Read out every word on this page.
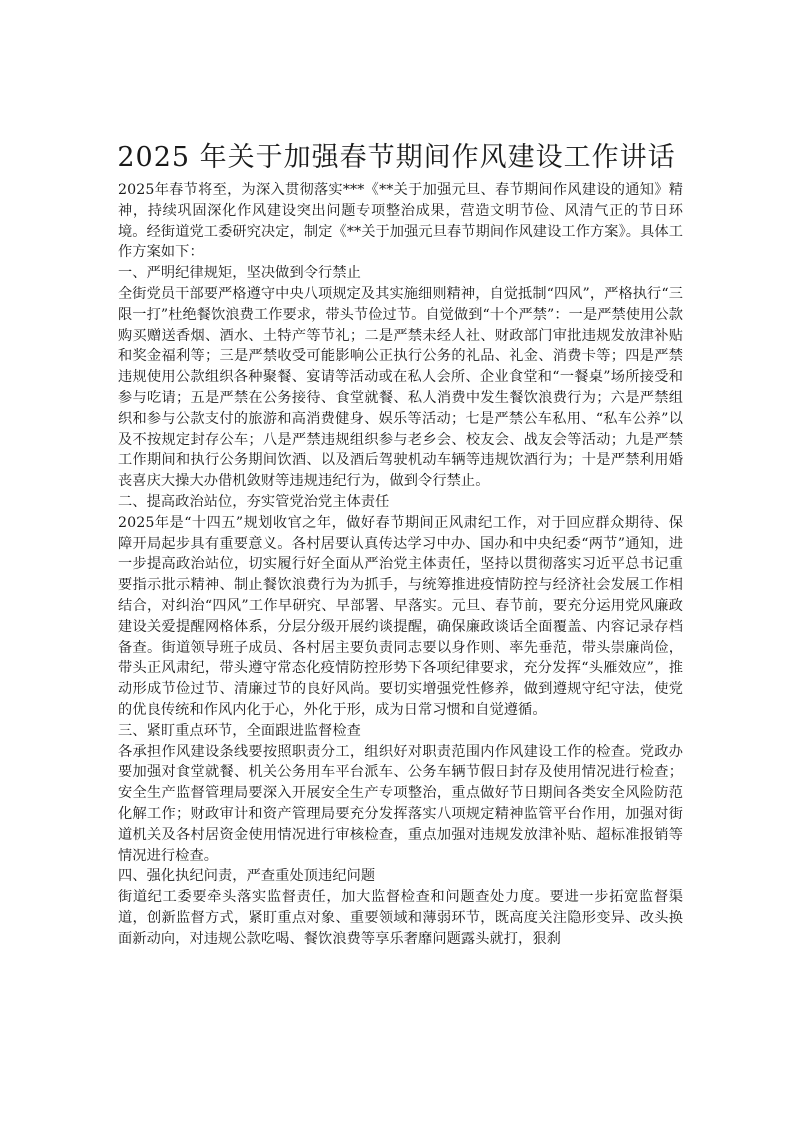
2025 年关于加强春节期间作风建设工作讲话

2025年春节将至，为深入贯彻落实***《**关于加强元旦、春节期间作风建设的通知》精神，持续巩固深化作风建设突出问题专项整治成果，营造文明节俭、风清气正的节日环境。经街道党工委研究决定，制定《**关于加强元旦春节期间作风建设工作方案》。具体工作方案如下：

一、严明纪律规矩，坚决做到令行禁止

全街党员干部要严格遵守中央八项规定及其实施细则精神，自觉抵制“四风”，严格执行“三限一打”杜绝餐饮浪费工作要求，带头节俭过节。自觉做到“十个严禁”：一是严禁使用公款购买赠送香烟、酒水、土特产等节礼；二是严禁未经人社、财政部门审批违规发放津补贴和奖金福利等；三是严禁收受可能影响公正执行公务的礼品、礼金、消费卡等；四是严禁违规使用公款组织各种聚餐、宴请等活动或在私人会所、企业食堂和“一餐桌”场所接受和参与吃请；五是严禁在公务接待、食堂就餐、私人消费中发生餐饮浪费行为；六是严禁组织和参与公款支付的旅游和高消费健身、娱乐等活动；七是严禁公车私用、“私车公养”以及不按规定封存公车；八是严禁违规组织参与老乡会、校友会、战友会等活动；九是严禁工作期间和执行公务期间饮酒、以及酒后驾驶机动车辆等违规饮酒行为；十是严禁利用婚丧喜庆大操大办借机敛财等违规违纪行为，做到令行禁止。

二、提高政治站位，夯实管党治党主体责任

2025年是“十四五”规划收官之年，做好春节期间正风肃纪工作，对于回应群众期待、保障开局起步具有重要意义。各村居要认真传达学习中办、国办和中央纪委“两节”通知，进一步提高政治站位，切实履行好全面从严治党主体责任，坚持以贯彻落实习近平总书记重要指示批示精神、制止餐饮浪费行为为抓手，与统筹推进疫情防控与经济社会发展工作相结合，对纠治“四风”工作早研究、早部署、早落实。元旦、春节前，要充分运用党风廉政建设关爱提醒网格体系，分层分级开展约谈提醒，确保廉政谈话全面覆盖、内容记录存档备查。街道领导班子成员、各村居主要负责同志要以身作则、率先垂范，带头崇廉尚俭，带头正风肃纪，带头遵守常态化疫情防控形势下各项纪律要求，充分发挥“头雁效应”，推动形成节俭过节、清廉过节的良好风尚。要切实增强党性修养，做到遵规守纪守法，使党的优良传统和作风内化于心，外化于形，成为日常习惯和自觉遵循。

三、紧盯重点环节，全面跟进监督检查

各承担作风建设条线要按照职责分工，组织好对职责范围内作风建设工作的检查。党政办要加强对食堂就餐、机关公务用车平台派车、公务车辆节假日封存及使用情况进行检查；安全生产监督管理局要深入开展安全生产专项整治，重点做好节日期间各类安全风险防范化解工作；财政审计和资产管理局要充分发挥落实八项规定精神监管平台作用，加强对街道机关及各村居资金使用情况进行审核检查，重点加强对违规发放津补贴、超标准报销等情况进行检查。

四、强化执纪问责，严查重处顶违纪问题

街道纪工委要牵头落实监督责任，加大监督检查和问题查处力度。要进一步拓宽监督渠道，创新监督方式，紧盯重点对象、重要领域和薄弱环节，既高度关注隐形变异、改头换面新动向，对违规公款吃喝、餐饮浪费等享乐奢靡问题露头就打，狠刹
